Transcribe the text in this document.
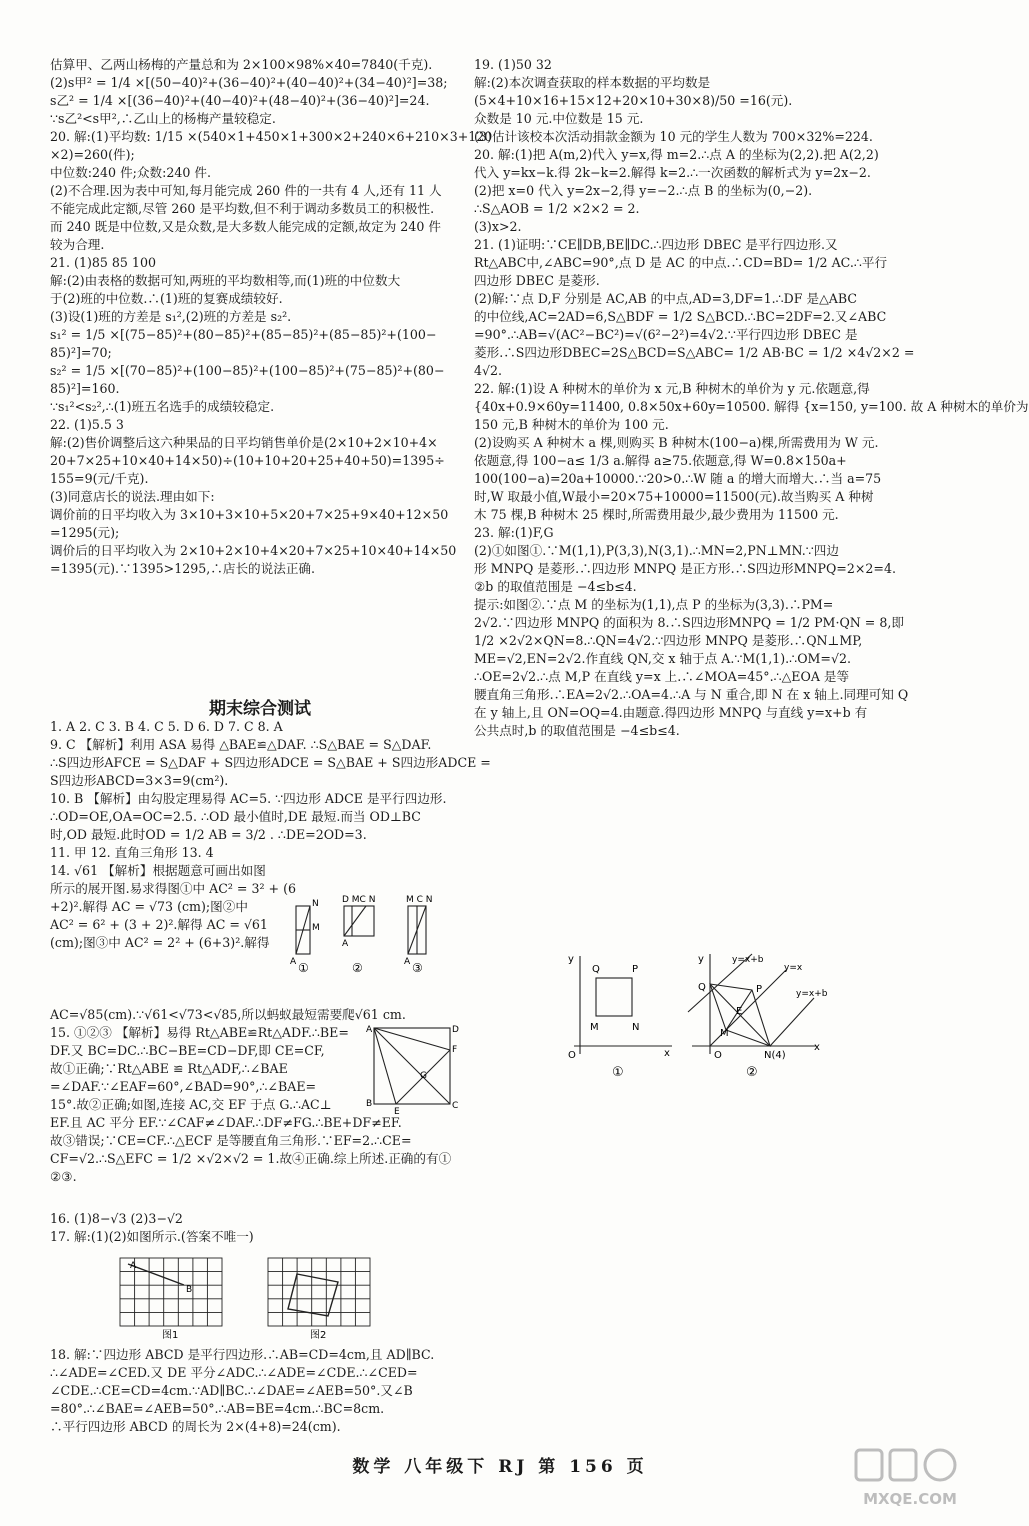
估算甲、乙两山杨梅的产量总和为 2×100×98%×40=7840(千克).
(2)s甲² = 1/4 ×[(50−40)²+(36−40)²+(40−40)²+(34−40)²]=38;
s乙² = 1/4 ×[(36−40)²+(40−40)²+(48−40)²+(36−40)²]=24.
∵s乙²<s甲²,∴乙山上的杨梅产量较稳定.
20. 解:(1)平均数: 1/15 ×(540×1+450×1+300×2+240×6+210×3+120
×2)=260(件);
中位数:240 件;众数:240 件.
(2)不合理.因为表中可知,每月能完成 260 件的一共有 4 人,还有 11 人
不能完成此定额,尽管 260 是平均数,但不利于调动多数员工的积极性.
而 240 既是中位数,又是众数,是大多数人能完成的定额,故定为 240 件
较为合理.
21. (1)85 85 100
解:(2)由表格的数据可知,两班的平均数相等,而(1)班的中位数大
于(2)班的中位数.∴(1)班的复赛成绩较好.
(3)设(1)班的方差是 s₁²,(2)班的方差是 s₂².
s₁² = 1/5 ×[(75−85)²+(80−85)²+(85−85)²+(85−85)²+(100−
85)²]=70;
s₂² = 1/5 ×[(70−85)²+(100−85)²+(100−85)²+(75−85)²+(80−
85)²]=160.
∵s₁²<s₂²,∴(1)班五名选手的成绩较稳定.
22. (1)5.5 3
解:(2)售价调整后这六种果品的日平均销售单价是(2×10+2×10+4×
20+7×25+10×40+14×50)÷(10+10+20+25+40+50)=1395÷
155=9(元/千克).
(3)同意店长的说法.理由如下:
调价前的日平均收入为 3×10+3×10+5×20+7×25+9×40+12×50
=1295(元);
调价后的日平均收入为 2×10+2×10+4×20+7×25+10×40+14×50
=1395(元).∵1395>1295,∴店长的说法正确.
期末综合测试
1. A 2. C 3. B 4. C 5. D 6. D 7. C 8. A
9. C 【解析】利用 ASA 易得 △BAE≌△DAF. ∴S△BAE = S△DAF.
∴S四边形AFCE = S△DAF + S四边形ADCE = S△BAE + S四边形ADCE =
S四边形ABCD=3×3=9(cm²).
10. B 【解析】由勾股定理易得 AC=5. ∵四边形 ADCE 是平行四边形.
∴OD=OE,OA=OC=2.5. ∴OD 最小值时,DE 最短.而当 OD⊥BC
时,OD 最短.此时OD = 1/2 AB = 3/2 . ∴DE=2OD=3.
11. 甲 12. 直角三角形 13. 4
14. √61 【解析】根据题意可画出如图
所示的展开图.易求得图①中 AC² = 3² + (6
+2)².解得 AC = √73 (cm);图②中
AC² = 6² + (3 + 2)².解得 AC = √61
(cm);图③中 AC² = 2² + (6+3)².解得
N
M
A
D MC N
A
M C N
A
①	②	③
AC=√85(cm).∵√61<√73<√85,所以蚂蚁最短需要爬√61 cm.
15. ①②③ 【解析】易得 Rt△ABE≌Rt△ADF.∴BE=
DF.又 BC=DC.∴BC−BE=CD−DF,即 CE=CF,
故①正确;∵Rt△ABE ≌ Rt△ADF,∴∠BAE
=∠DAF.∵∠EAF=60°,∠BAD=90°,∴∠BAE=
15°.故②正确;如图,连接 AC,交 EF 于点 G.∴AC⊥
EF.且 AC 平分 EF.∵∠CAF≠∠DAF.∴DF≠FG.∴BE+DF≠EF.
故③错误;∵CE=CF.∴△ECF 是等腰直角三角形.∵EF=2.∴CE=
CF=√2.∴S△EFC = 1/2 ×√2×√2 = 1.故④正确.综上所述.正确的有①
②③.
A	D
F
G
B
E
C
16. (1)8−√3 (2)3−√2
17. 解:(1)(2)如图所示.(答案不唯一)
A
B
图1	图2
18. 解:∵四边形 ABCD 是平行四边形.∴AB=CD=4cm,且 AD∥BC.
∴∠ADE=∠CED.又 DE 平分∠ADC.∴∠ADE=∠CDE.∴∠CED=
∠CDE.∴CE=CD=4cm.∵AD∥BC.∴∠DAE=∠AEB=50°.又∠B
=80°.∴∠BAE=∠AEB=50°.∴AB=BE=4cm.∴BC=8cm.
∴平行四边形 ABCD 的周长为 2×(4+8)=24(cm).
19. (1)50 32
解:(2)本次调查获取的样本数据的平均数是
(5×4+10×16+15×12+20×10+30×8)/50 =16(元).
众数是 10 元.中位数是 15 元.
(3)估计该校本次活动捐款金额为 10 元的学生人数为 700×32%=224.
20. 解:(1)把 A(m,2)代入 y=x,得 m=2.∴点 A 的坐标为(2,2).把 A(2,2)
代入 y=kx−k.得 2k−k=2.解得 k=2.∴一次函数的解析式为 y=2x−2.
(2)把 x=0 代入 y=2x−2,得 y=−2.∴点 B 的坐标为(0,−2).
∴S△AOB = 1/2 ×2×2 = 2.
(3)x>2.
21. (1)证明:∵CE∥DB,BE∥DC.∴四边形 DBEC 是平行四边形.又
Rt△ABC中,∠ABC=90°,点 D 是 AC 的中点.∴CD=BD= 1/2 AC.∴平行
四边形 DBEC 是菱形.
(2)解:∵点 D,F 分别是 AC,AB 的中点,AD=3,DF=1.∴DF 是△ABC
的中位线,AC=2AD=6,S△BDF = 1/2 S△BCD.∴BC=2DF=2.又∠ABC
=90°.∴AB=√(AC²−BC²)=√(6²−2²)=4√2.∵平行四边形 DBEC 是
菱形.∴S四边形DBEC=2S△BCD=S△ABC= 1/2 AB·BC = 1/2 ×4√2×2 =
4√2.
22. 解:(1)设 A 种树木的单价为 x 元,B 种树木的单价为 y 元.依题意,得
{40x+0.9×60y=11400, 0.8×50x+60y=10500. 解得 {x=150, y=100. 故 A 种树木的单价为
150 元,B 种树木的单价为 100 元.
(2)设购买 A 种树木 a 棵,则购买 B 种树木(100−a)棵,所需费用为 W 元.
依题意,得 100−a≤ 1/3 a.解得 a≥75.依题意,得 W=0.8×150a+
100(100−a)=20a+10000.∵20>0.∴W 随 a 的增大而增大.∴当 a=75
时,W 取最小值,W最小=20×75+10000=11500(元).故当购买 A 种树
木 75 棵,B 种树木 25 棵时,所需费用最少,最少费用为 11500 元.
23. 解:(1)F,G
(2)①如图①.∵M(1,1),P(3,3),N(3,1).∴MN=2,PN⊥MN.∵四边
形 MNPQ 是菱形.∴四边形 MNPQ 是正方形.∴S四边形MNPQ=2×2=4.
②b 的取值范围是 −4≤b≤4.
提示:如图②.∵点 M 的坐标为(1,1),点 P 的坐标为(3,3).∴PM=
2√2.∵四边形 MNPQ 的面积为 8.∴S四边形MNPQ = 1/2 PM·QN = 8,即
1/2 ×2√2×QN=8.∴QN=4√2.∵四边形 MNPQ 是菱形.∴QN⊥MP,
ME=√2,EN=2√2.作直线 QN,交 x 轴于点 A.∵M(1,1).∴OM=√2.
∴OE=2√2.∴点 M,P 在直线 y=x 上.∴∠MOA=45°.∴△EOA 是等
腰直角三角形.∴EA=2√2.∴OA=4.∴A 与 N 重合,即 N 在 x 轴上.同理可知 Q
在 y 轴上,且 ON=OQ=4.由题意.得四边形 MNPQ 与直线 y=x+b 有
公共点时,b 的取值范围是 −4≤b≤4.
y
x
O
Q	P
M	N
①
y
x
O
Q	P
E
M
N(4)
y=x+b
y=x
y=x+b
②
数学 八年级下 RJ 第 156 页
MXQE.COM
